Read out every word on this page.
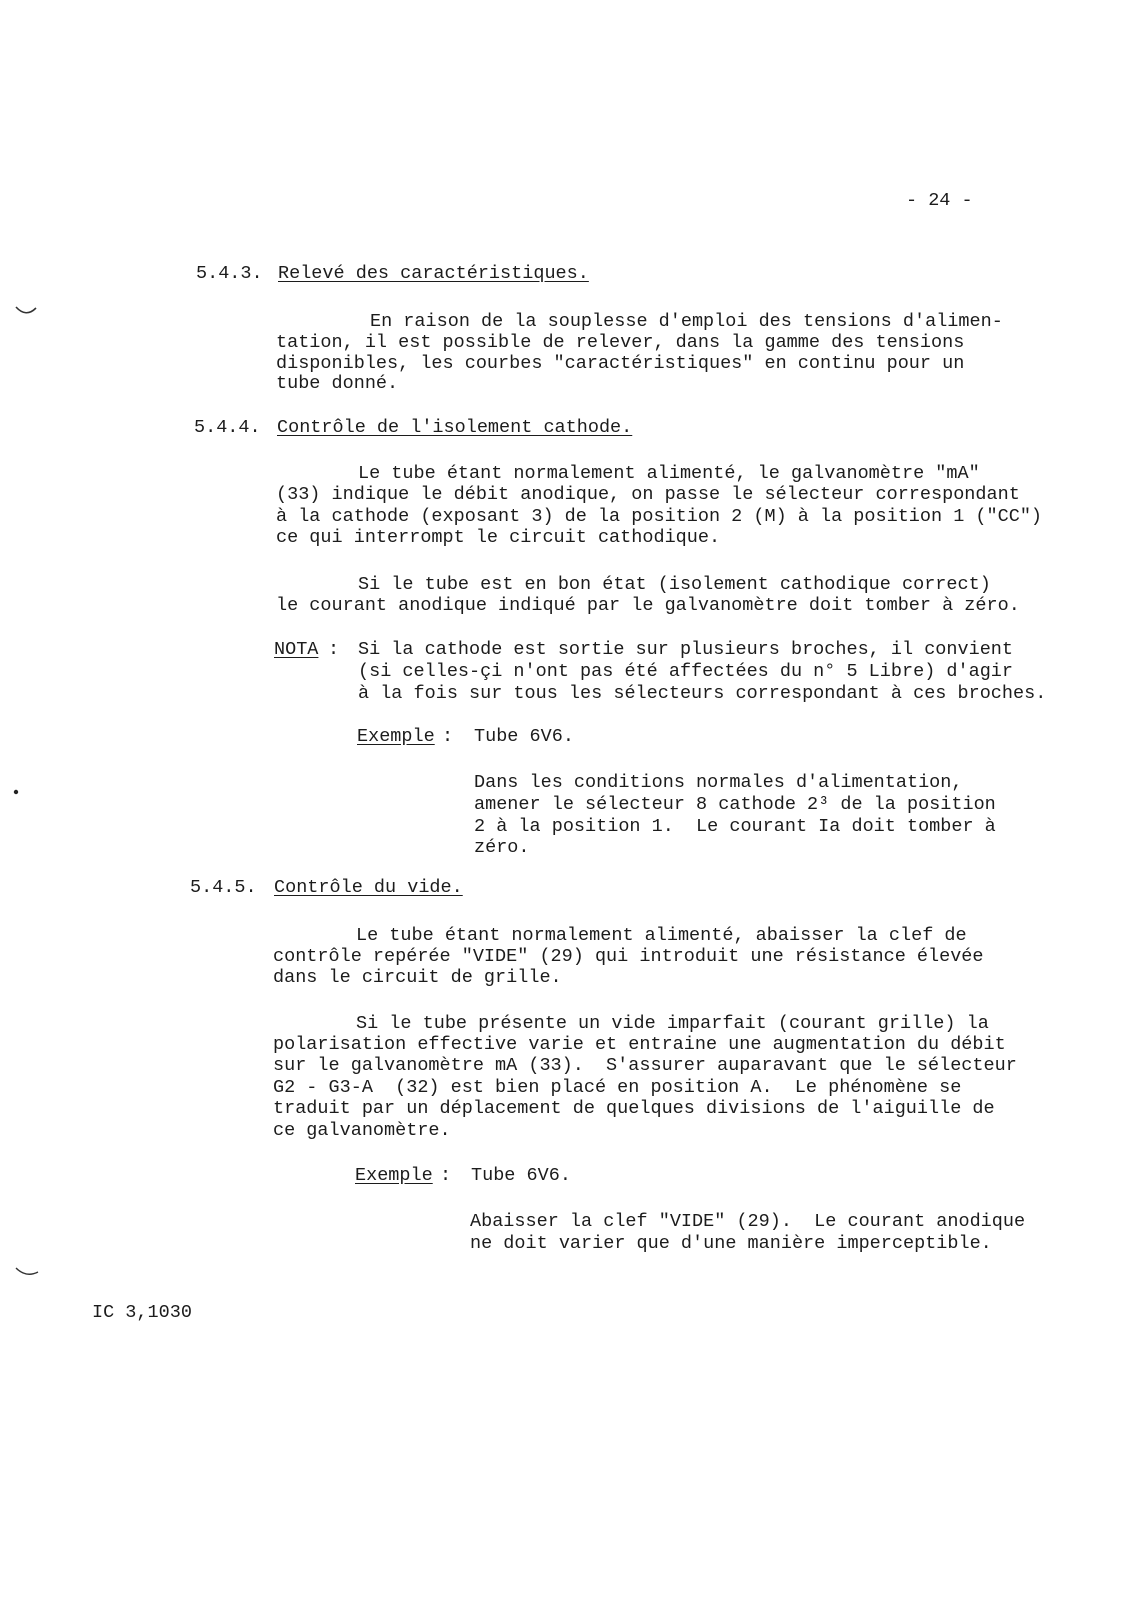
- 24 -
5.4.3. Relevé des caractéristiques.
En raison de la souplesse d'emploi des tensions d'alimen-
tation, il est possible de relever, dans la gamme des tensions
disponibles, les courbes "caractéristiques" en continu pour un
tube donné.
5.4.4. Contrôle de l'isolement cathode.
Le tube étant normalement alimenté, le galvanomètre "mA"
(33) indique le débit anodique, on passe le sélecteur correspondant
à la cathode (exposant 3) de la position 2 (M) à la position 1 ("CC")
ce qui interrompt le circuit cathodique.
Si le tube est en bon état (isolement cathodique correct)
le courant anodique indiqué par le galvanomètre doit tomber à zéro.
NOTA : Si la cathode est sortie sur plusieurs broches, il convient
(si celles-çi n'ont pas été affectées du n° 5 Libre) d'agir
à la fois sur tous les sélecteurs correspondant à ces broches.
Exemple : Tube 6V6.
Dans les conditions normales d'alimentation,
amener le sélecteur 8 cathode 2³ de la position
2 à la position 1.  Le courant Ia doit tomber à
zéro.
5.4.5. Contrôle du vide.
Le tube étant normalement alimenté, abaisser la clef de
contrôle repérée "VIDE" (29) qui introduit une résistance élevée
dans le circuit de grille.
Si le tube présente un vide imparfait (courant grille) la
polarisation effective varie et entraine une augmentation du débit
sur le galvanomètre mA (33).  S'assurer auparavant que le sélecteur
G2 - G3-A  (32) est bien placé en position A.  Le phénomène se
traduit par un déplacement de quelques divisions de l'aiguille de
ce galvanomètre.
Exemple : Tube 6V6.
Abaisser la clef "VIDE" (29).  Le courant anodique
ne doit varier que d'une manière imperceptible.
IC 3,1030
